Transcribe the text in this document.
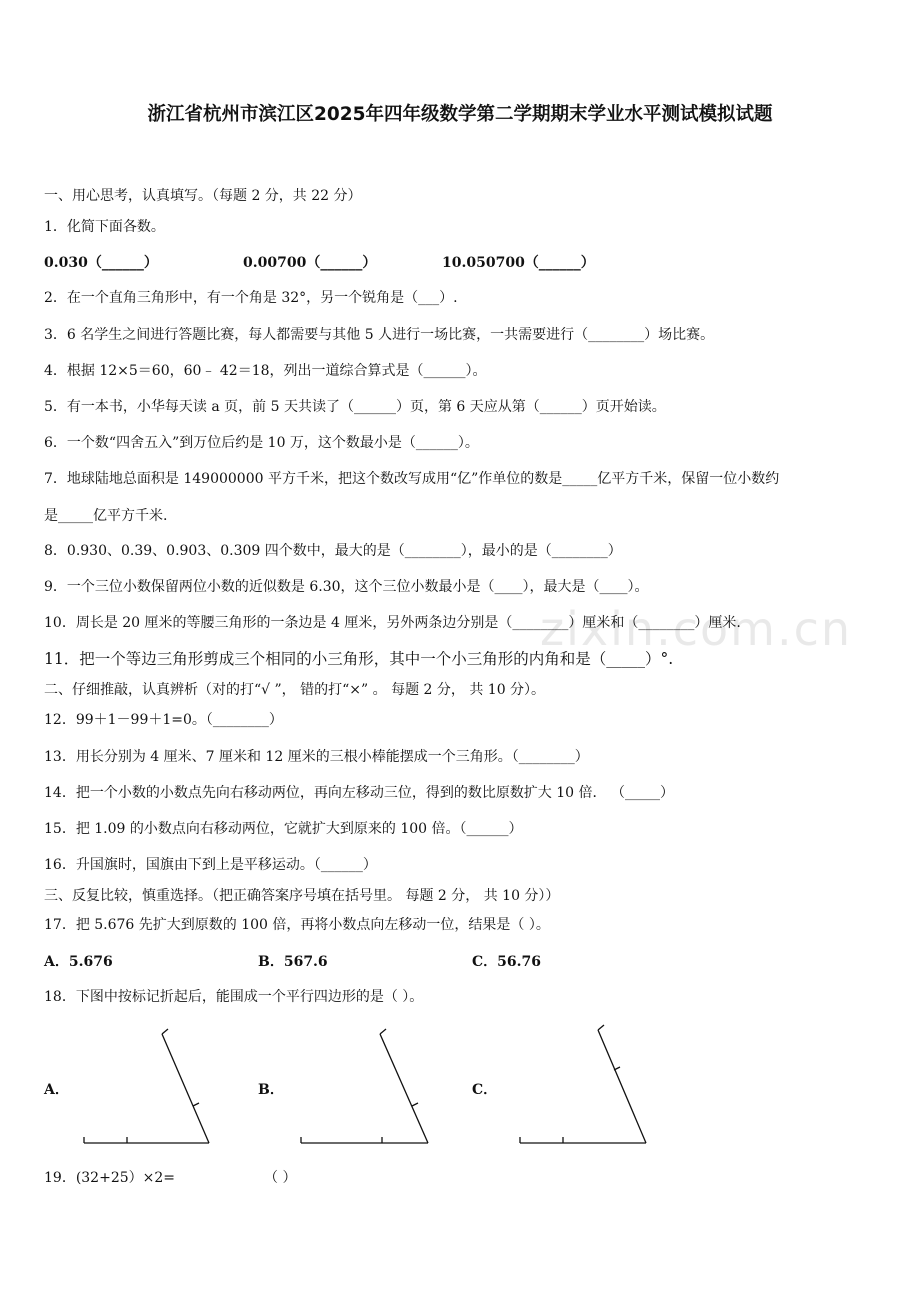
浙江省杭州市滨江区2025年四年级数学第二学期期末学业水平测试模拟试题
zixin.com.cn
一、用心思考，认真填写。（每题 2 分，共 22 分）
1．化简下面各数。
0.030（______）	0.00700（______）	10.050700（______）
2．在一个直角三角形中，有一个角是 32°，另一个锐角是（___）.
3．6 名学生之间进行答题比赛，每人都需要与其他 5 人进行一场比赛，一共需要进行（________）场比赛。
4．根据 12×5＝60，60﹣ 42＝18，列出一道综合算式是（______）。
5．有一本书，小华每天读 a 页，前 5 天共读了（______）页，第 6 天应从第（______）页开始读。
6．一个数“四舍五入”到万位后约是 10 万，这个数最小是（______）。
7．地球陆地总面积是 149000000 平方千米，把这个数改写成用“亿”作单位的数是_____亿平方千米，保留一位小数约
是_____亿平方千米.
8．0.930、0.39、0.903、0.309 四个数中，最大的是（________），最小的是（________）
9．一个三位小数保留两位小数的近似数是 6.30，这个三位小数最小是（____），最大是（____）。
10．周长是 20 厘米的等腰三角形的一条边是 4 厘米，另外两条边分别是（________）厘米和（________）厘米.
11．把一个等边三角形剪成三个相同的小三角形，其中一个小三角形的内角和是（_____）°.
二、仔细推敲，认真辨析（对的打“√ ”， 错的打“×” 。 每题 2 分， 共 10 分）。
12．99＋1－99＋1=0。（________）
13．用长分别为 4 厘米、7 厘米和 12 厘米的三根小棒能摆成一个三角形。（________）
14．把一个小数的小数点先向右移动两位，再向左移动三位，得到的数比原数扩大 10 倍． （_____）
15．把 1.09 的小数点向右移动两位，它就扩大到原来的 100 倍。（______）
16．升国旗时，国旗由下到上是平移运动。（______）
三、反复比较，慎重选择。（把正确答案序号填在括号里。 每题 2 分， 共 10 分））
17．把 5.676 先扩大到原数的 100 倍，再将小数点向左移动一位，结果是（ ）。
A．5.676	B．567.6	C．56.76
18．下图中按标记折起后，能围成一个平行四边形的是（ ）。
A．	B．	C．
19．(32+25）×2=	（ ）
